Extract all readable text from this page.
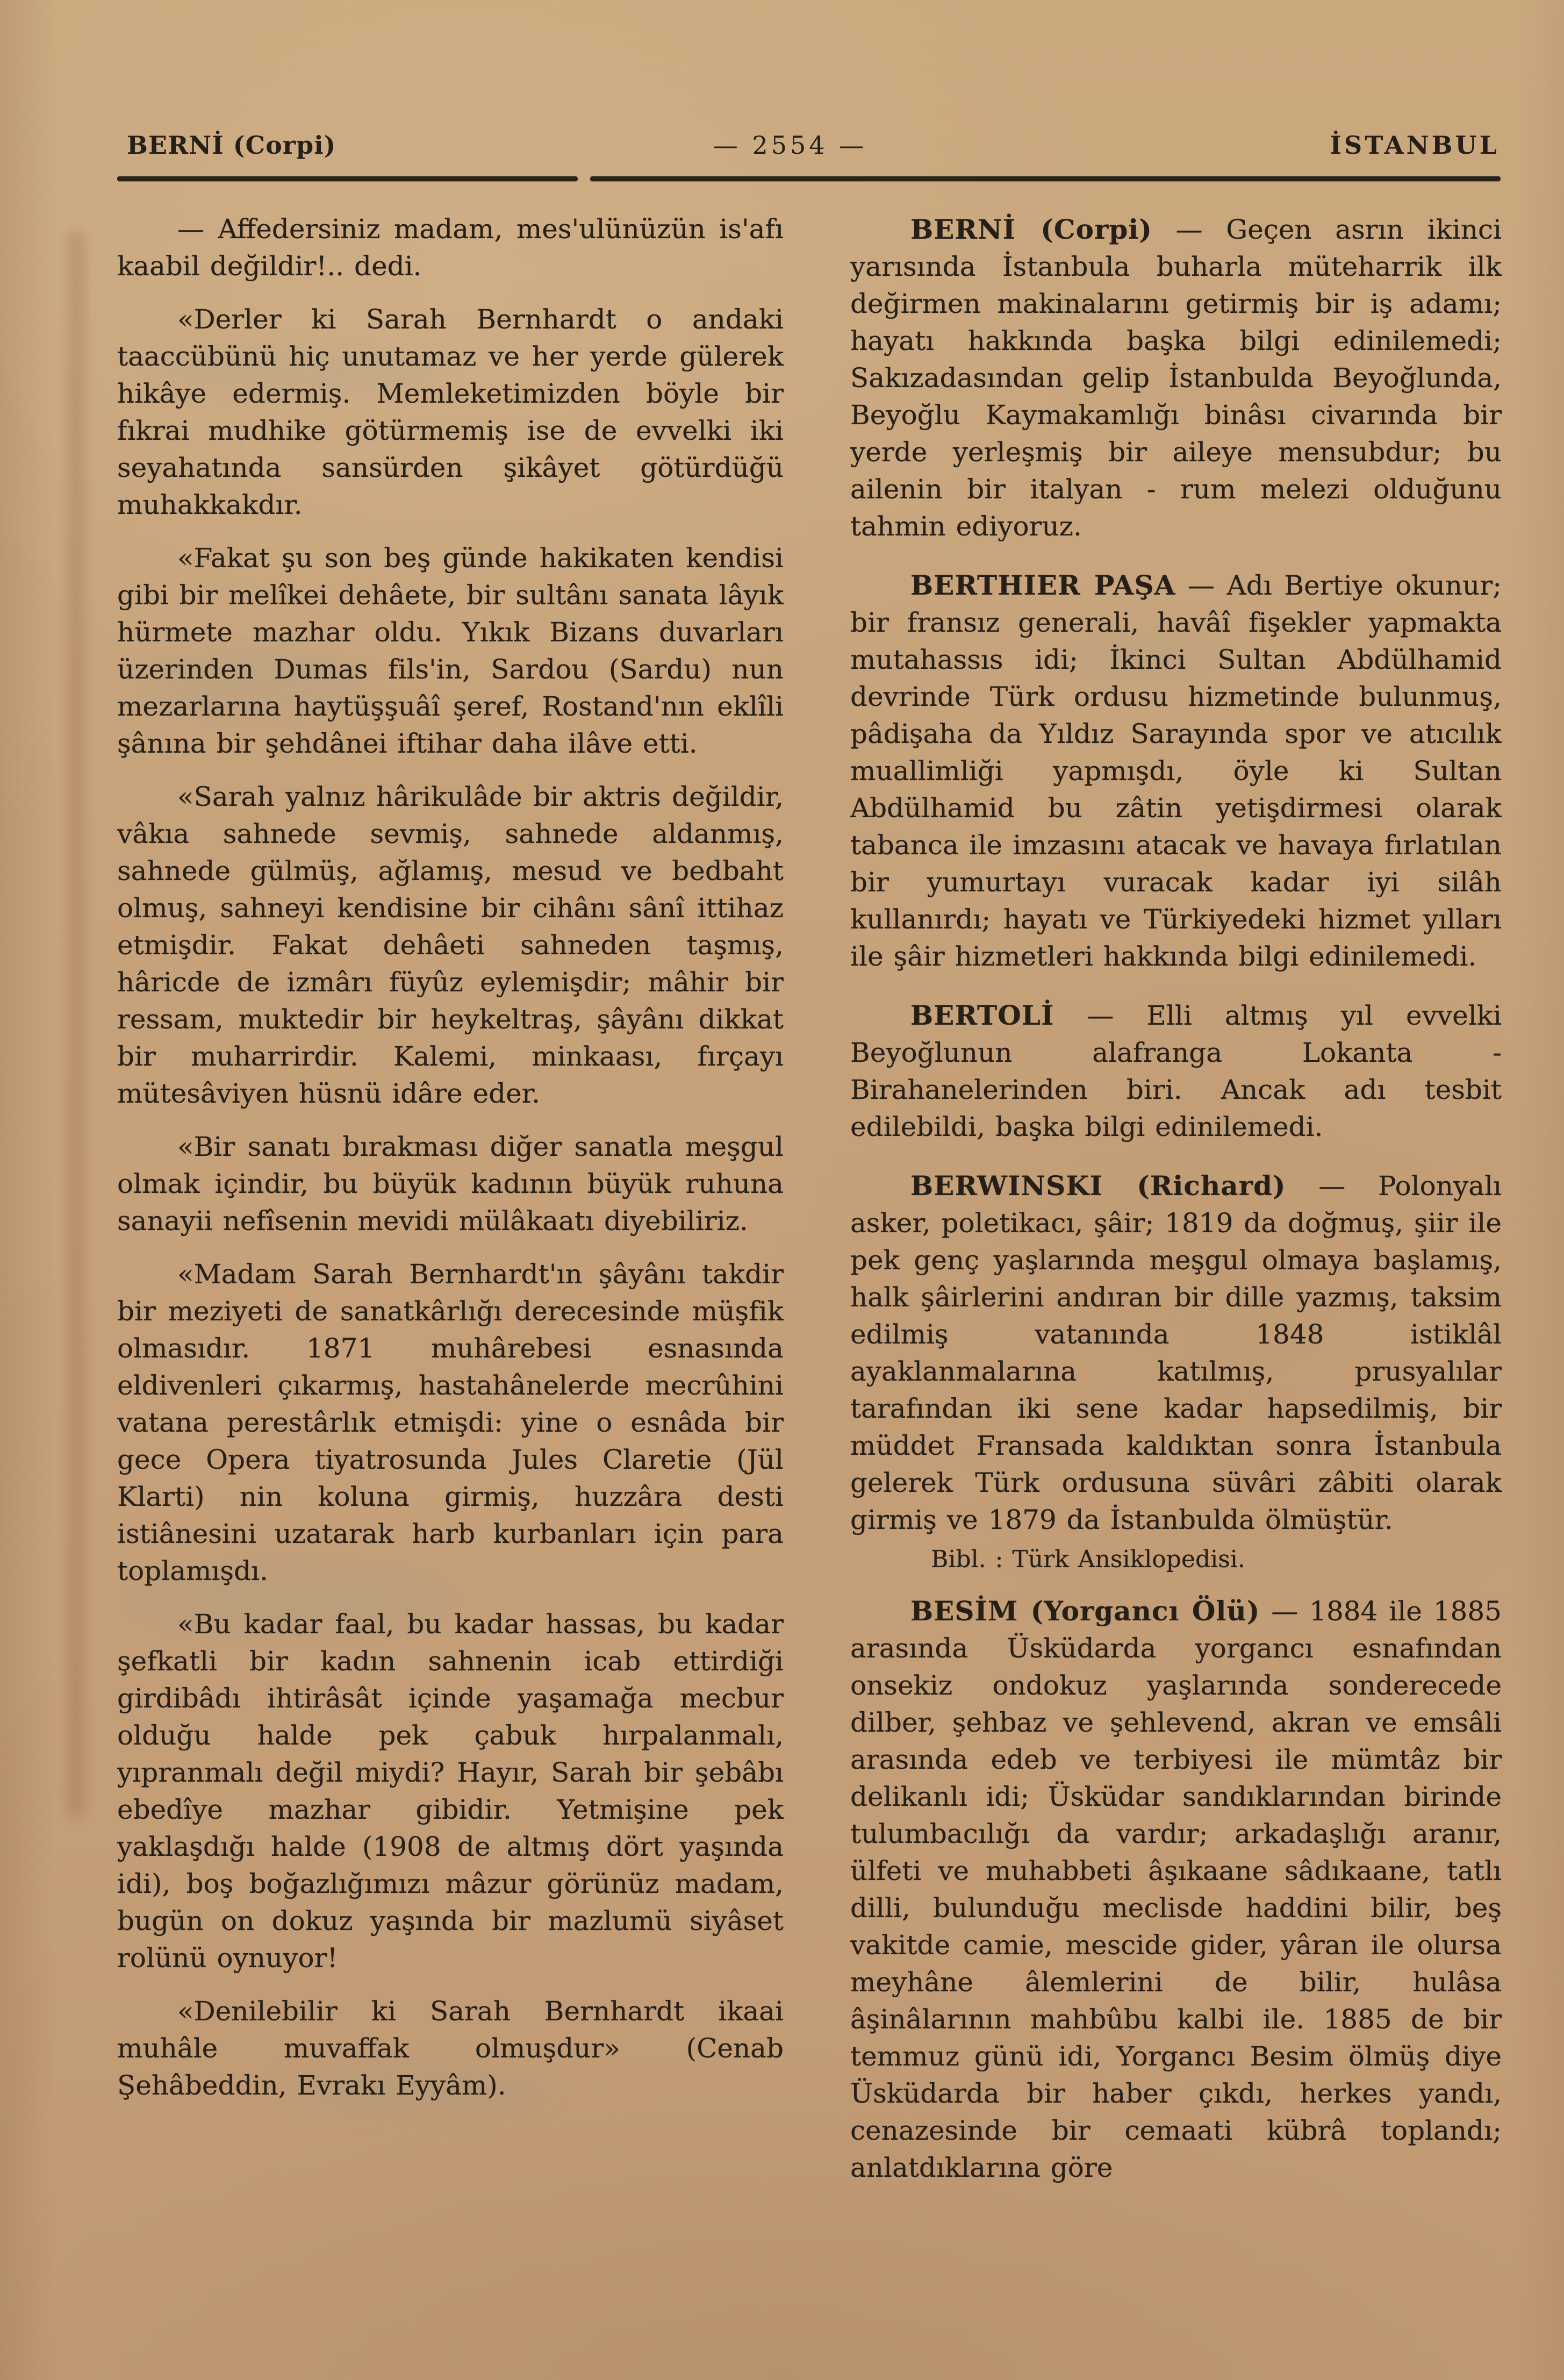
BERNİ (Corpi)	— 2554 —	İSTANBUL

— Affedersiniz madam, mes'ulünüzün is'afı kaabil değildir!.. dedi.

«Derler ki Sarah Bernhardt o andaki taaccübünü hiç unutamaz ve her yerde gülerek hikâye edermiş. Memleketimizden böyle bir fıkrai mudhike götürmemiş ise de evvelki iki seyahatında sansürden şikâyet götürdüğü muhakkakdır.

«Fakat şu son beş günde hakikaten kendisi gibi bir melîkei dehâete, bir sultânı sanata lâyık hürmete mazhar oldu. Yıkık Bizans duvarları üzerinden Dumas fils'in, Sardou (Sardu) nun mezarlarına haytüşşuâî şeref, Rostand'nın eklîli şânına bir şehdânei iftihar daha ilâve etti.

«Sarah yalnız hârikulâde bir aktris değildir, vâkıa sahnede sevmiş, sahnede aldanmış, sahnede gülmüş, ağlamış, mesud ve bedbaht olmuş, sahneyi kendisine bir cihânı sânî ittihaz etmişdir. Fakat dehâeti sahneden taşmış, hâricde de izmârı füyûz eylemişdir; mâhir bir ressam, muktedir bir heykeltraş, şâyânı dikkat bir muharrirdir. Kalemi, minkaası, fırçayı mütesâviyen hüsnü idâre eder.

«Bir sanatı bırakması diğer sanatla meşgul olmak içindir, bu büyük kadının büyük ruhuna sanayii nefîsenin mevidi mülâkaatı diyebiliriz.

«Madam Sarah Bernhardt'ın şâyânı takdir bir meziyeti de sanatkârlığı derecesinde müşfik olmasıdır. 1871 muhârebesi esnasında eldivenleri çıkarmış, hastahânelerde mecrûhini vatana perestârlık etmişdi: yine o esnâda bir gece Opera tiyatrosunda Jules Claretie (Jül Klarti) nin koluna girmiş, huzzâra desti istiânesini uzatarak harb kurbanları için para toplamışdı.

«Bu kadar faal, bu kadar hassas, bu kadar şefkatli bir kadın sahnenin icab ettirdiği girdibâdı ihtirâsât içinde yaşamağa mecbur olduğu halde pek çabuk hırpalanmalı, yıpranmalı değil miydi? Hayır, Sarah bir şebâbı ebedîye mazhar gibidir. Yetmişine pek yaklaşdığı halde (1908 de altmış dört yaşında idi), boş boğazlığımızı mâzur görünüz madam, bugün on dokuz yaşında bir mazlumü siyâset rolünü oynuyor!

«Denilebilir ki Sarah Bernhardt ikaai muhâle muvaffak olmuşdur» (Cenab Şehâbeddin, Evrakı Eyyâm).

BERNİ (Corpi) — Geçen asrın ikinci yarısında İstanbula buharla müteharrik ilk değirmen makinalarını getirmiş bir iş adamı; hayatı hakkında başka bilgi edinilemedi; Sakızadasından gelip İstanbulda Beyoğlunda, Beyoğlu Kaymakamlığı binâsı civarında bir yerde yerleşmiş bir aileye mensubdur; bu ailenin bir italyan - rum melezi olduğunu tahmin ediyoruz.

BERTHIER PAŞA — Adı Bertiye okunur; bir fransız generali, havâî fişekler yapmakta mutahassıs idi; İkinci Sultan Abdülhamid devrinde Türk ordusu hizmetinde bulunmuş, pâdişaha da Yıldız Sarayında spor ve atıcılık muallimliği yapmışdı, öyle ki Sultan Abdülhamid bu zâtin yetişdirmesi olarak tabanca ile imzasını atacak ve havaya fırlatılan bir yumurtayı vuracak kadar iyi silâh kullanırdı; hayatı ve Türkiyedeki hizmet yılları ile şâir hizmetleri hakkında bilgi edinilemedi.

BERTOLİ — Elli altmış yıl evvelki Beyoğlunun alafranga Lokanta - Birahanelerinden biri. Ancak adı tesbit edilebildi, başka bilgi edinilemedi.

BERWINSKI (Richard) — Polonyalı asker, poletikacı, şâir; 1819 da doğmuş, şiir ile pek genç yaşlarında meşgul olmaya başlamış, halk şâirlerini andıran bir dille yazmış, taksim edilmiş vatanında 1848 istiklâl ayaklanmalarına katılmış, prusyalılar tarafından iki sene kadar hapsedilmiş, bir müddet Fransada kaldıktan sonra İstanbula gelerek Türk ordusuna süvâri zâbiti olarak girmiş ve 1879 da İstanbulda ölmüştür.

Bibl. : Türk Ansiklopedisi.

BESİM (Yorgancı Ölü) — 1884 ile 1885 arasında Üsküdarda yorgancı esnafından onsekiz ondokuz yaşlarında sonderecede dilber, şehbaz ve şehlevend, akran ve emsâli arasında edeb ve terbiyesi ile mümtâz bir delikanlı idi; Üsküdar sandıklarından birinde tulumbacılığı da vardır; arkadaşlığı aranır, ülfeti ve muhabbeti âşıkaane sâdıkaane, tatlı dilli, bulunduğu meclisde haddini bilir, beş vakitde camie, mescide gider, yâran ile olursa meyhâne âlemlerini de bilir, hulâsa âşinâlarının mahbûbu kalbi ile. 1885 de bir temmuz günü idi, Yorgancı Besim ölmüş diye Üsküdarda bir haber çıkdı, herkes yandı, cenazesinde bir cemaati kübrâ toplandı; anlatdıklarına göre
